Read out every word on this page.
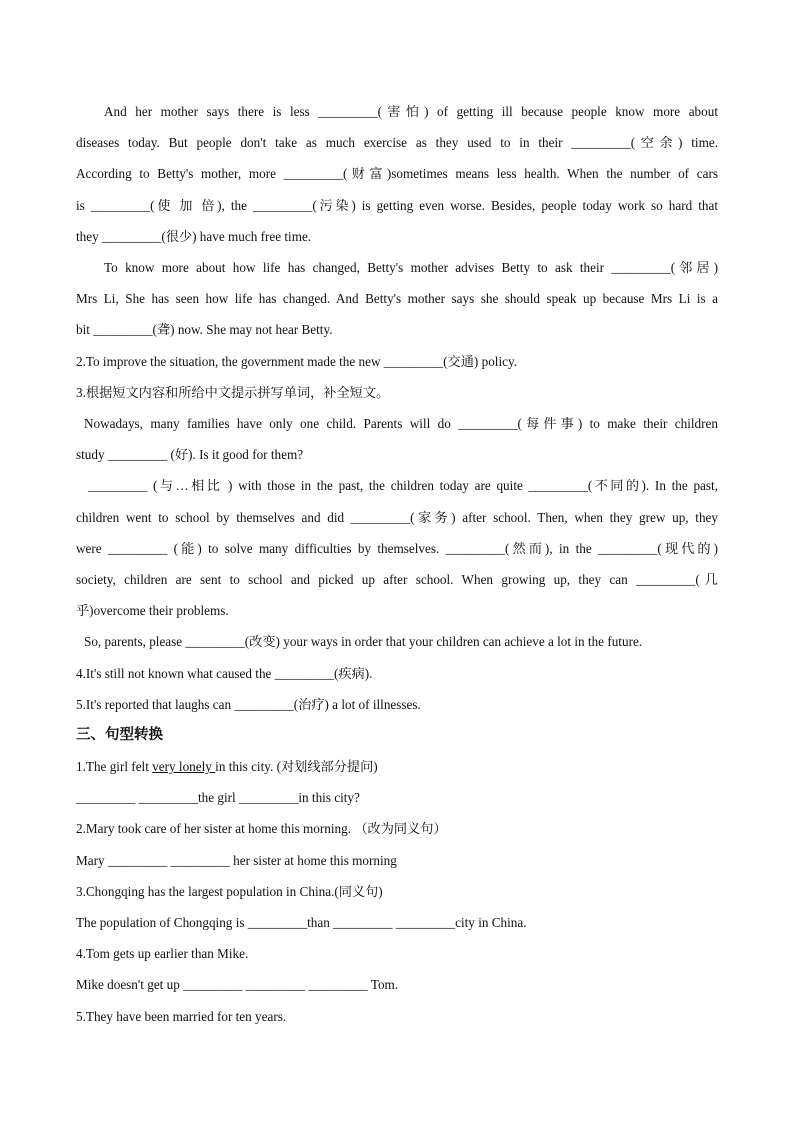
And her mother says there is less _________(害怕) of getting ill because people know more about
diseases today. But people don't take as much exercise as they used to in their _________(空余) time.
According to Betty's mother, more _________(财富)sometimes means less health. When the number of cars
is _________(使 加 倍), the _________(污染) is getting even worse. Besides, people today work so hard that
they _________(很少) have much free time.
To know more about how life has changed, Betty's mother advises Betty to ask their _________(邻居)
Mrs Li, She has seen how life has changed. And Betty's mother says she should speak up because Mrs Li is a
bit _________(聋) now. She may not hear Betty.
2.To improve the situation, the government made the new _________(交通) policy.
3.根据短文内容和所给中文提示拼写单词，补全短文。
Nowadays, many families have only one child. Parents will do _________(每件事) to make their children
study _________ (好). Is it good for them?
_________ (与…相比 ) with those in the past, the children today are quite _________(不同的). In the past,
children went to school by themselves and did _________(家务) after school. Then, when they grew up, they
were _________ (能) to solve many difficulties by themselves. _________(然而), in the _________(现代的)
society, children are sent to school and picked up after school. When growing up, they can _________(几
乎)overcome their problems.
So, parents, please _________(改变) your ways in order that your children can achieve a lot in the future.
4.It's still not known what caused the _________(疾病).
5.It's reported that laughs can _________(治疗) a lot of illnesses.
三、句型转换
1.The girl felt very lonely in this city. (对划线部分提问)
_________ _________the girl _________in this city?
2.Mary took care of her sister at home this morning. （改为同义句）
Mary _________ _________ her sister at home this morning
3.Chongqing has the largest population in China.(同义句)
The population of Chongqing is _________than _________ _________city in China.
4.Tom gets up earlier than Mike.
Mike doesn't get up _________ _________ _________ Tom.
5.They have been married for ten years.
